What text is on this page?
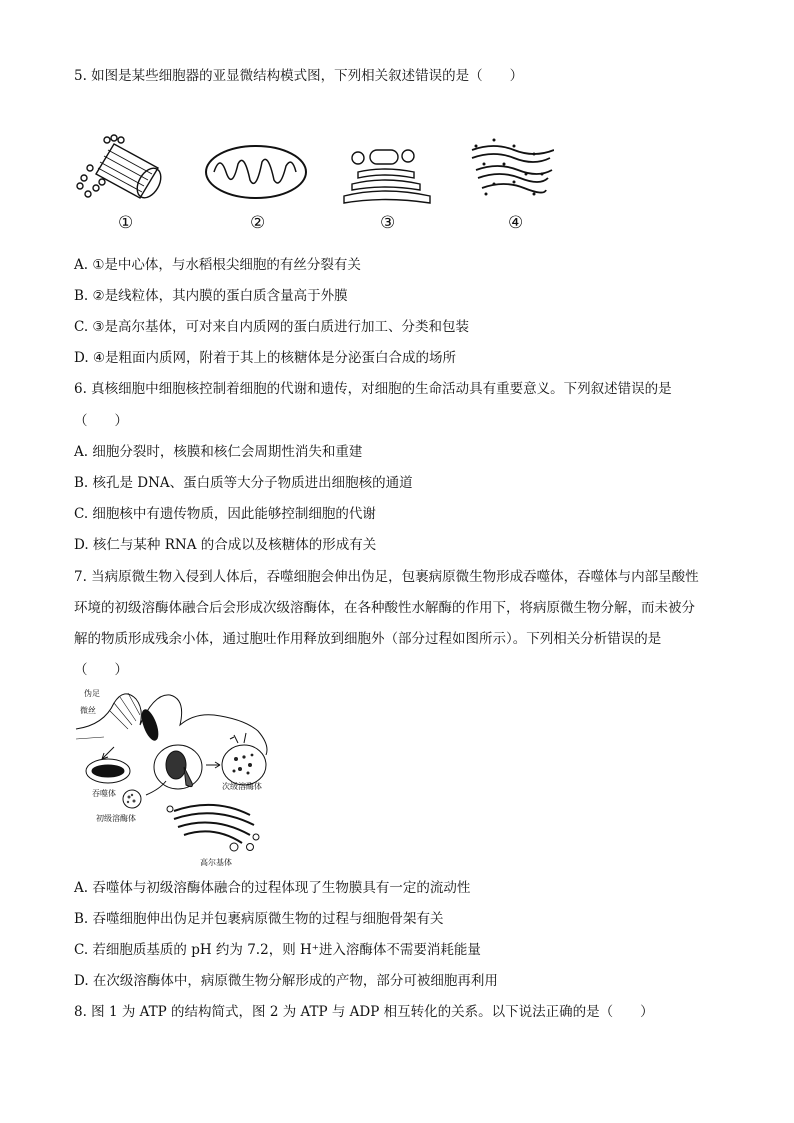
5. 如图是某些细胞器的亚显微结构模式图，下列相关叙述错误的是（　　）
①	②	③	④
A. ①是中心体，与水稻根尖细胞的有丝分裂有关
B. ②是线粒体，其内膜的蛋白质含量高于外膜
C. ③是高尔基体，可对来自内质网的蛋白质进行加工、分类和包装
D. ④是粗面内质网，附着于其上的核糖体是分泌蛋白合成的场所
6. 真核细胞中细胞核控制着细胞的代谢和遗传，对细胞的生命活动具有重要意义。下列叙述错误的是
（　　）
A. 细胞分裂时，核膜和核仁会周期性消失和重建
B. 核孔是 DNA、蛋白质等大分子物质进出细胞核的通道
C. 细胞核中有遗传物质，因此能够控制细胞的代谢
D. 核仁与某种 RNA 的合成以及核糖体的形成有关
7. 当病原微生物入侵到人体后，吞噬细胞会伸出伪足，包裹病原微生物形成吞噬体，吞噬体与内部呈酸性
环境的初级溶酶体融合后会形成次级溶酶体，在各种酸性水解酶的作用下，将病原微生物分解，而未被分
解的物质形成残余小体，通过胞吐作用释放到细胞外（部分过程如图所示）。下列相关分析错误的是
（　　）
伪足
微丝
吞噬体
次级溶酶体
初级溶酶体
高尔基体
A. 吞噬体与初级溶酶体融合的过程体现了生物膜具有一定的流动性
B. 吞噬细胞伸出伪足并包裹病原微生物的过程与细胞骨架有关
C. 若细胞质基质的 pH 约为 7.2，则 H⁺进入溶酶体不需要消耗能量
D. 在次级溶酶体中，病原微生物分解形成的产物，部分可被细胞再利用
8. 图 1 为 ATP 的结构简式，图 2 为 ATP 与 ADP 相互转化的关系。以下说法正确的是（　　）
